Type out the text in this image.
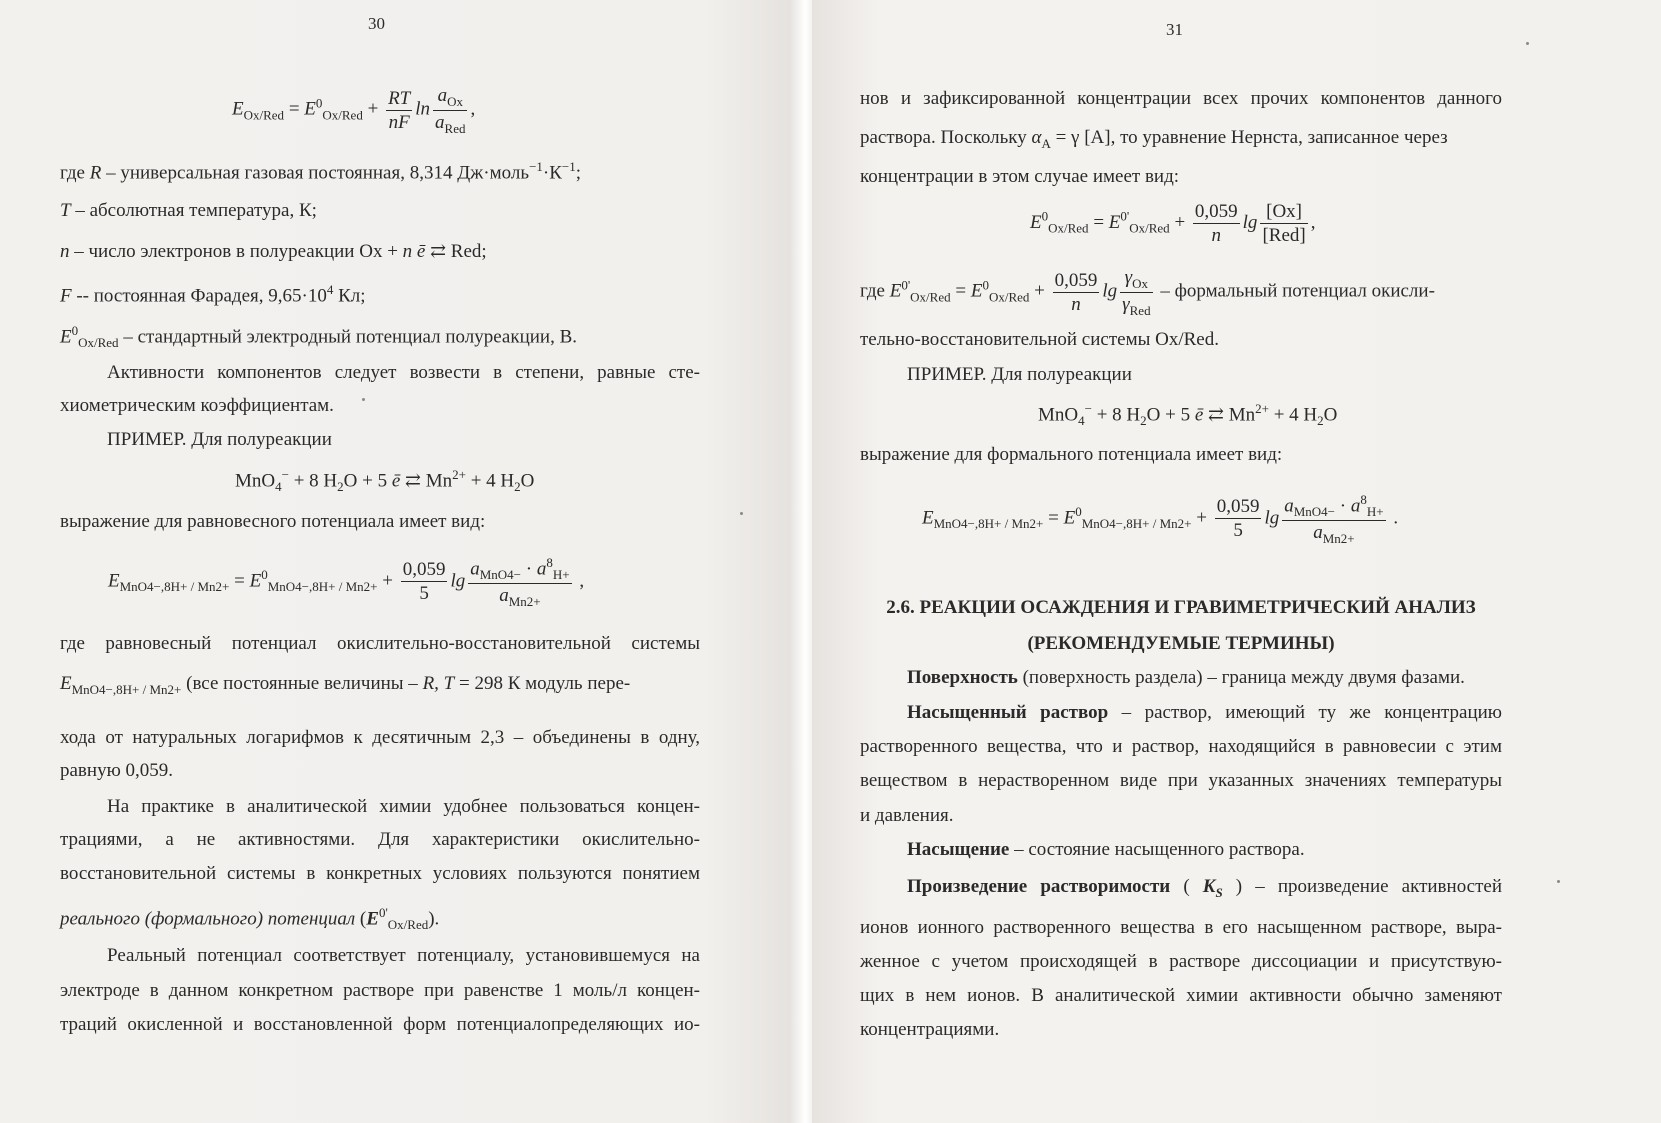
30
$E_{Ox/Red} = E^0_{Ox/Red} + \frac{RT}{nF}$ $\ln \frac{a_{Ox}}{a_{Red}}$ ,
где R – универсальная газовая постоянная, 8,314 $Дж\cdot моль^{-1}\cdot К^{-1}$;
T – абсолютная температура, К;
n – число электронов в полуреакции Ox + n ē ⇄ Red;
F -- постоянная Фарадея, $9,65\cdot 10^4$ Кл;
$E^0_{Ox/Red}$ – стандартный электродный потенциал полуреакции, В.
Активности компонентов следует возвести в степени, равные сте-
хиометрическим коэффициентам.
ПРИМЕР. Для полуреакции
MnO$_4$− + 8 $H_2O + 5$ ē ⇄ $Mn^{2+} + 4$ $H_2O$
выражение для равновесного потенциала имеет вид:
$E_{MnO4-,8H+ / Mn2+} = E^0_{MnO4-,8H+ / Mn2+} + \frac{0,059}{5}$ $\lg \frac{a_{MnO4-} \cdot a^8_{H+}}{a_{Mn2+}}$ ,
где равновесный потенциал окислительно-восстановительной системы
$E_{MnO4-,8H+ / Mn2+}$ (все постоянные величины – R, T = 298 К модуль пере-
хода от натуральных логарифмов к десятичным 2,3 – объединены в одну,
равную 0,059.
На практике в аналитической химии удобнее пользоваться концен-
трациями, а не активностями. Для характеристики окислительно-
восстановительной системы в конкретных условиях пользуются понятием
реального (формального) потенциал $(E^{0'}_{Ox/Red})$.
Реальный потенциал соответствует потенциалу, установившемуся на
электроде в данном конкретном растворе при равенстве 1 моль/л концен-
траций окисленной и восстановленной форм потенциалопределяющих ио-
31
нов и зафиксированной концентрации всех прочих компонентов данного
раствора. Поскольку $\alpha_A = \gamma$ [A], то уравнение Нернста, записанное через
концентрации в этом случае имеет вид:
$E^0_{Ox/Red} = E^{0'}_{Ox/Red} + \frac{0,059}{n}$ $\lg \frac{[Ox]}{\text{[Red]}}$ ,
где $E^{0'}_{Ox/Red} = E^0_{Ox/Red} + \frac{0,059}{n}$ $\lg \frac{\gamma_{Ox}}{\gamma_{Red}}$ – формальный потенциал окисли-
тельно-восстановительной системы Ox/Red.
ПРИМЕР. Для полуреакции
MnO$_4$− + 8 $H_2O + 5$ ē ⇄ $Mn^{2+} + 4$ $H_2O$
выражение для формального потенциала имеет вид:
$E_{MnO4-,8H+ / Mn2+} = E^0_{MnO4-,8H+ / Mn2+} + \frac{0,059}{5}$ $\lg \frac{a_{MnO4-} \cdot a^8_{H+}}{a_{Mn2+}}$ .
2.6. РЕАКЦИИ ОСАЖДЕНИЯ И ГРАВИМЕТРИЧЕСКИЙ АНАЛИЗ
(РЕКОМЕНДУЕМЫЕ ТЕРМИНЫ)
Поверхность (поверхность раздела) – граница между двумя фазами.
Насыщенный раствор – раствор, имеющий ту же концентрацию
растворенного вещества, что и раствор, находящийся в равновесии с этим
веществом в нерастворенном виде при указанных значениях температуры
и давления.
Насыщение – состояние насыщенного раствора.
Произведение растворимости ( $K_S$ ) – произведение активностей
ионов ионного растворенного вещества в его насыщенном растворе, выра-
женное с учетом происходящей в растворе диссоциации и присутствую-
щих в нем ионов. В аналитической химии активности обычно заменяют
концентрациями.
